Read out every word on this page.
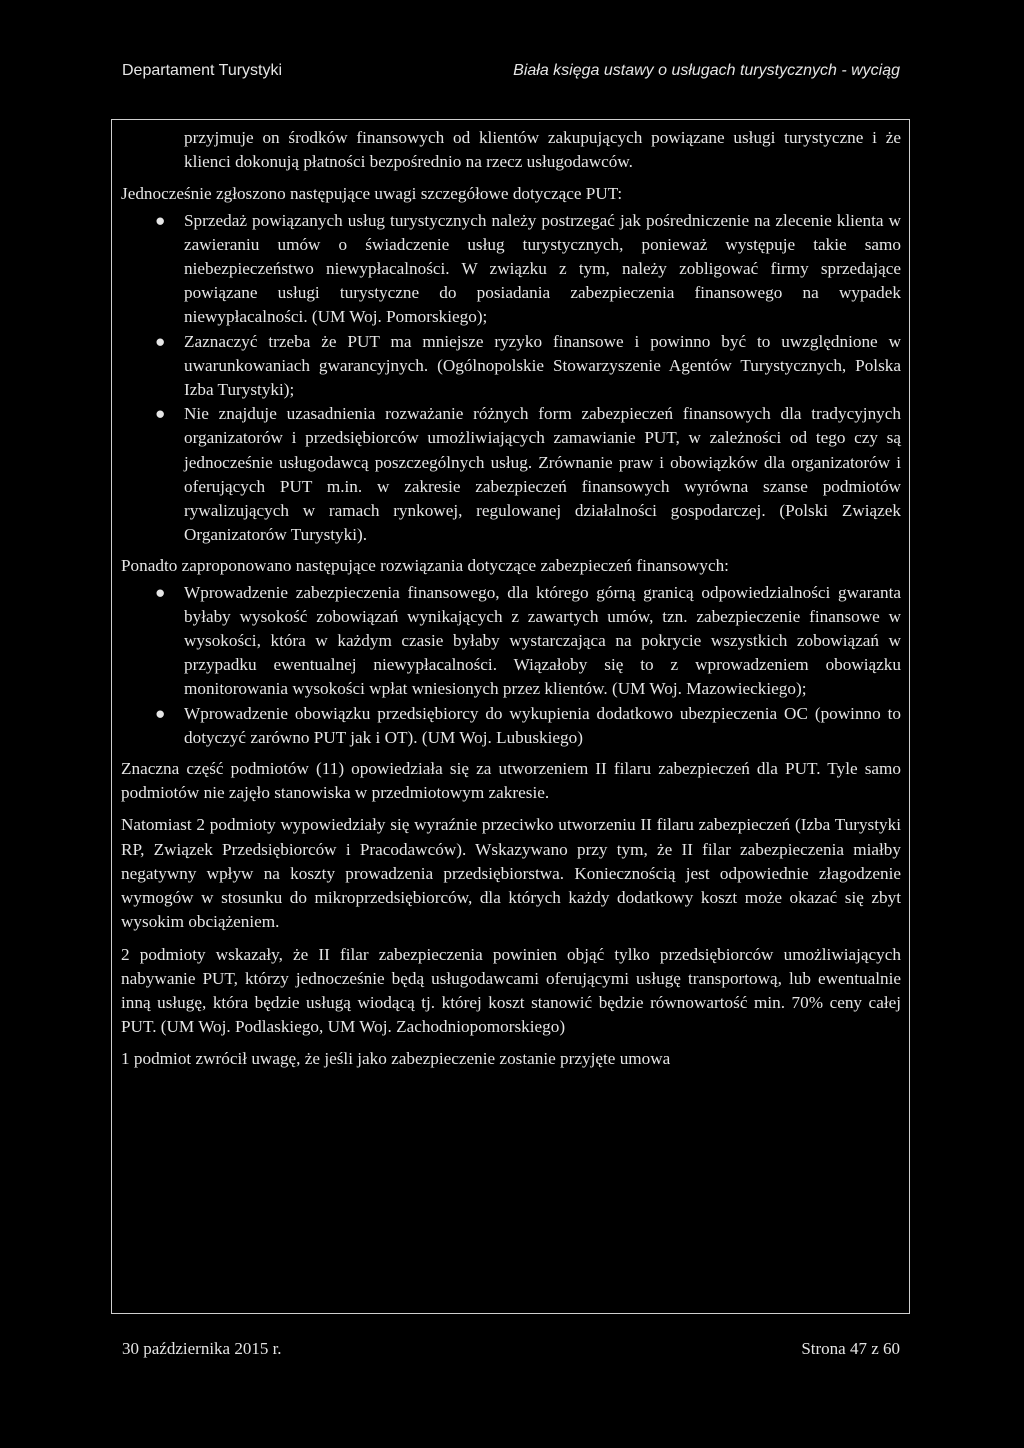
Departament Turystyki	Biała księga ustawy o usługach turystycznych - wyciąg
przyjmuje on środków finansowych od klientów zakupujących powiązane usługi turystyczne i że klienci dokonują płatności bezpośrednio na rzecz usługodawców.
Jednocześnie zgłoszono następujące uwagi szczegółowe dotyczące PUT:
● Sprzedaż powiązanych usług turystycznych należy postrzegać jak pośredniczenie na zlecenie klienta w zawieraniu umów o świadczenie usług turystycznych, ponieważ występuje takie samo niebezpieczeństwo niewypłacalności. W związku z tym, należy zobligować firmy sprzedające powiązane usługi turystyczne do posiadania zabezpieczenia finansowego na wypadek niewypłacalności. (UM Woj. Pomorskiego);
● Zaznaczyć trzeba że PUT ma mniejsze ryzyko finansowe i powinno być to uwzględnione w uwarunkowaniach gwarancyjnych. (Ogólnopolskie Stowarzyszenie Agentów Turystycznych, Polska Izba Turystyki);
● Nie znajduje uzasadnienia rozważanie różnych form zabezpieczeń finansowych dla tradycyjnych organizatorów i przedsiębiorców umożliwiających zamawianie PUT, w zależności od tego czy są jednocześnie usługodawcą poszczególnych usług. Zrównanie praw i obowiązków dla organizatorów i oferujących PUT m.in. w zakresie zabezpieczeń finansowych wyrówna szanse podmiotów rywalizujących w ramach rynkowej, regulowanej działalności gospodarczej. (Polski Związek Organizatorów Turystyki).
Ponadto zaproponowano następujące rozwiązania dotyczące zabezpieczeń finansowych:
● Wprowadzenie zabezpieczenia finansowego, dla którego górną granicą odpowiedzialności gwaranta byłaby wysokość zobowiązań wynikających z zawartych umów, tzn. zabezpieczenie finansowe w wysokości, która w każdym czasie byłaby wystarczająca na pokrycie wszystkich zobowiązań w przypadku ewentualnej niewypłacalności. Wiązałoby się to z wprowadzeniem obowiązku monitorowania wysokości wpłat wniesionych przez klientów. (UM Woj. Mazowieckiego);
● Wprowadzenie obowiązku przedsiębiorcy do wykupienia dodatkowo ubezpieczenia OC (powinno to dotyczyć zarówno PUT jak i OT). (UM Woj. Lubuskiego)
Znaczna część podmiotów (11) opowiedziała się za utworzeniem II filaru zabezpieczeń dla PUT. Tyle samo podmiotów nie zajęło stanowiska w przedmiotowym zakresie.
Natomiast 2 podmioty wypowiedziały się wyraźnie przeciwko utworzeniu II filaru zabezpieczeń (Izba Turystyki RP, Związek Przedsiębiorców i Pracodawców). Wskazywano przy tym, że II filar zabezpieczenia miałby negatywny wpływ na koszty prowadzenia przedsiębiorstwa. Koniecznością jest odpowiednie złagodzenie wymogów w stosunku do mikroprzedsiębiorców, dla których każdy dodatkowy koszt może okazać się zbyt wysokim obciążeniem.
2 podmioty wskazały, że II filar zabezpieczenia powinien objąć tylko przedsiębiorców umożliwiających nabywanie PUT, którzy jednocześnie będą usługodawcami oferującymi usługę transportową, lub ewentualnie inną usługę, która będzie usługą wiodącą tj. której koszt stanowić będzie równowartość min. 70% ceny całej PUT. (UM Woj. Podlaskiego, UM Woj. Zachodniopomorskiego)
1 podmiot zwrócił uwagę, że jeśli jako zabezpieczenie zostanie przyjęte umowa
30 października 2015 r.	Strona 47 z 60
